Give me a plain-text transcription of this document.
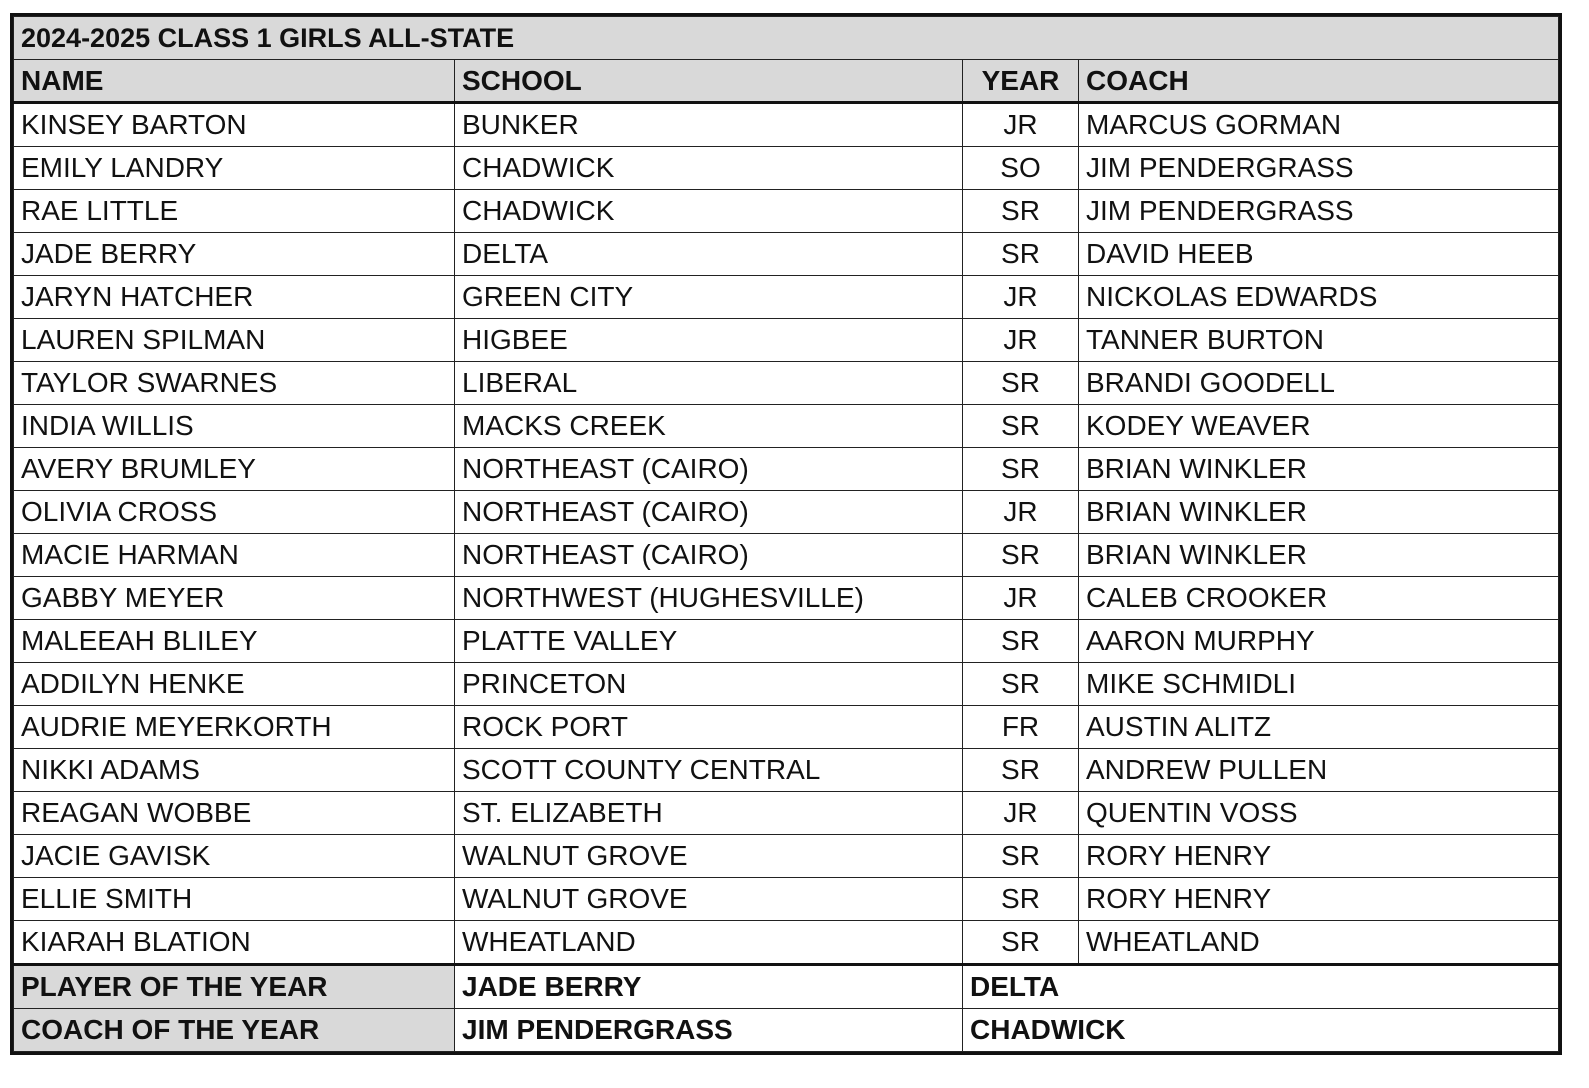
2024-2025 CLASS 1 GIRLS ALL-STATE			
NAME	SCHOOL	YEAR	COACH
KINSEY BARTON	BUNKER	JR	MARCUS GORMAN
EMILY LANDRY	CHADWICK	SO	JIM PENDERGRASS
RAE LITTLE	CHADWICK	SR	JIM PENDERGRASS
JADE BERRY	DELTA	SR	DAVID HEEB
JARYN HATCHER	GREEN CITY	JR	NICKOLAS EDWARDS
LAUREN SPILMAN	HIGBEE	JR	TANNER BURTON
TAYLOR SWARNES	LIBERAL	SR	BRANDI GOODELL
INDIA WILLIS	MACKS CREEK	SR	KODEY WEAVER
AVERY BRUMLEY	NORTHEAST (CAIRO)	SR	BRIAN WINKLER
OLIVIA CROSS	NORTHEAST (CAIRO)	JR	BRIAN WINKLER
MACIE HARMAN	NORTHEAST (CAIRO)	SR	BRIAN WINKLER
GABBY MEYER	NORTHWEST (HUGHESVILLE)	JR	CALEB CROOKER
MALEEAH BLILEY	PLATTE VALLEY	SR	AARON MURPHY
ADDILYN HENKE	PRINCETON	SR	MIKE SCHMIDLI
AUDRIE MEYERKORTH	ROCK PORT	FR	AUSTIN ALITZ
NIKKI ADAMS	SCOTT COUNTY CENTRAL	SR	ANDREW PULLEN
REAGAN WOBBE	ST. ELIZABETH	JR	QUENTIN VOSS
JACIE GAVISK	WALNUT GROVE	SR	RORY HENRY
ELLIE SMITH	WALNUT GROVE	SR	RORY HENRY
KIARAH BLATION	WHEATLAND	SR	WHEATLAND
PLAYER OF THE YEAR	JADE BERRY	DELTA	
COACH OF THE YEAR	JIM PENDERGRASS	CHADWICK	
